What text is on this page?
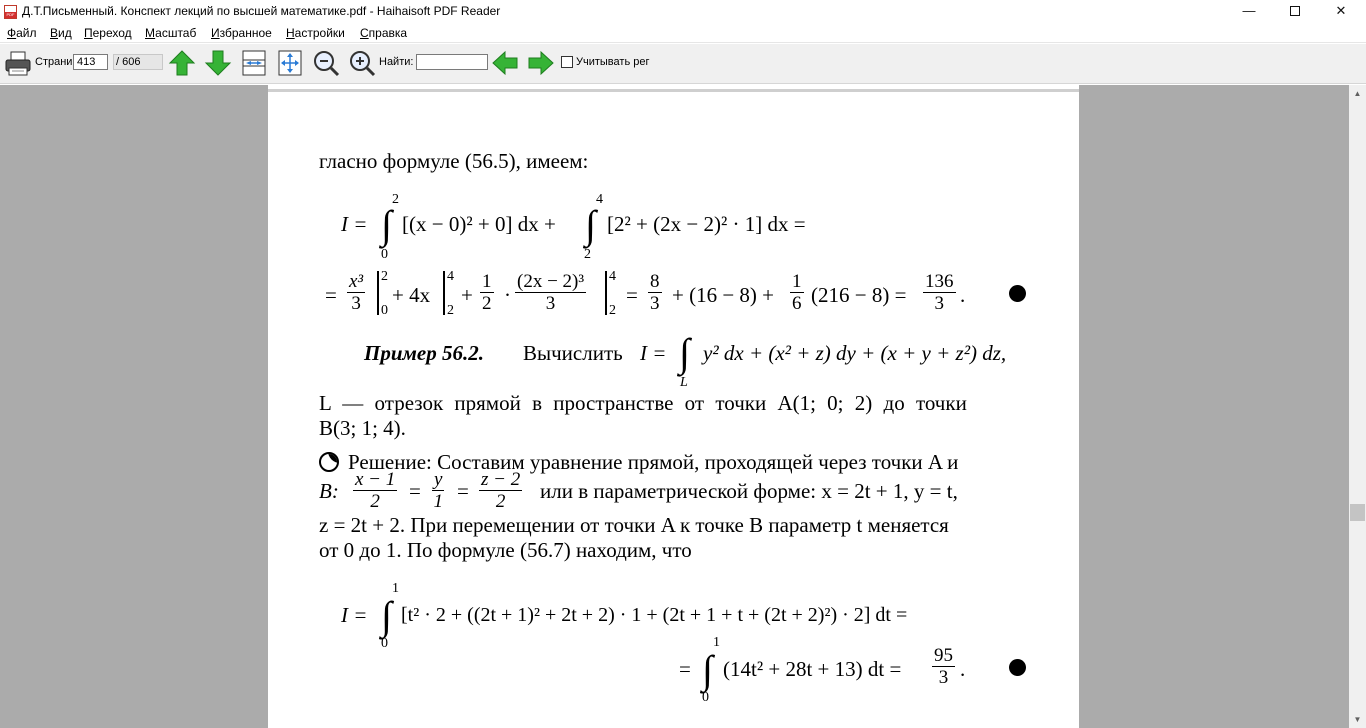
PDF
Д.Т.Письменный. Конспект лекций по высшей математике.pdf - Haihaisoft PDF Reader	—	✕
Файл Вид Переход Масштаб Избранное Настройки Справка
Страни 413	/ 606	Найти:	Учитывать рег
гласно формуле (56.5), имеем:
I = ∫
2
0
[(x − 0)² + 0] dx + ∫
4
2
[2² + (2x − 2)² · 1] dx =
= $\frac{\text{x³}}{3} 2$
0
+ 4x
4
2
+ $\frac{1}{2} \cdot \frac{\text{(2x − 2)³}}{3} 4$
2
= $\frac{8}{3} + (16 - 8) + \frac{1}{6} (216 - 8) = \frac{136}{3}$ .
Пример 56.2. Вычислить I = ∫
L
y² dx + (x² + z) dy + (x + y + z²) dz,
L — отрезок прямой в пространстве от точки A(1; 0; 2) до точки
B(3; 1; 4).
Решение: Составим уравнение прямой, проходящей через точки A и
B: $\frac{x - 1}{2} = \frac{y}{1} = \frac{z - 2}{2}$ или в параметрической форме: x = 2t + 1, y = t,
z = 2t + 2. При перемещении от точки A к точке B параметр t меняется
от 0 до 1. По формуле (56.7) находим, что
I = ∫
1
0
[t² · 2 + ((2t + 1)² + 2t + 2) · 1 + (2t + 1 + t + (2t + 2)²) · 2] dt =
= ∫
1
0
(14t² + 28t + 13) dt = $\frac{95}{3}$ .
▲
▼
